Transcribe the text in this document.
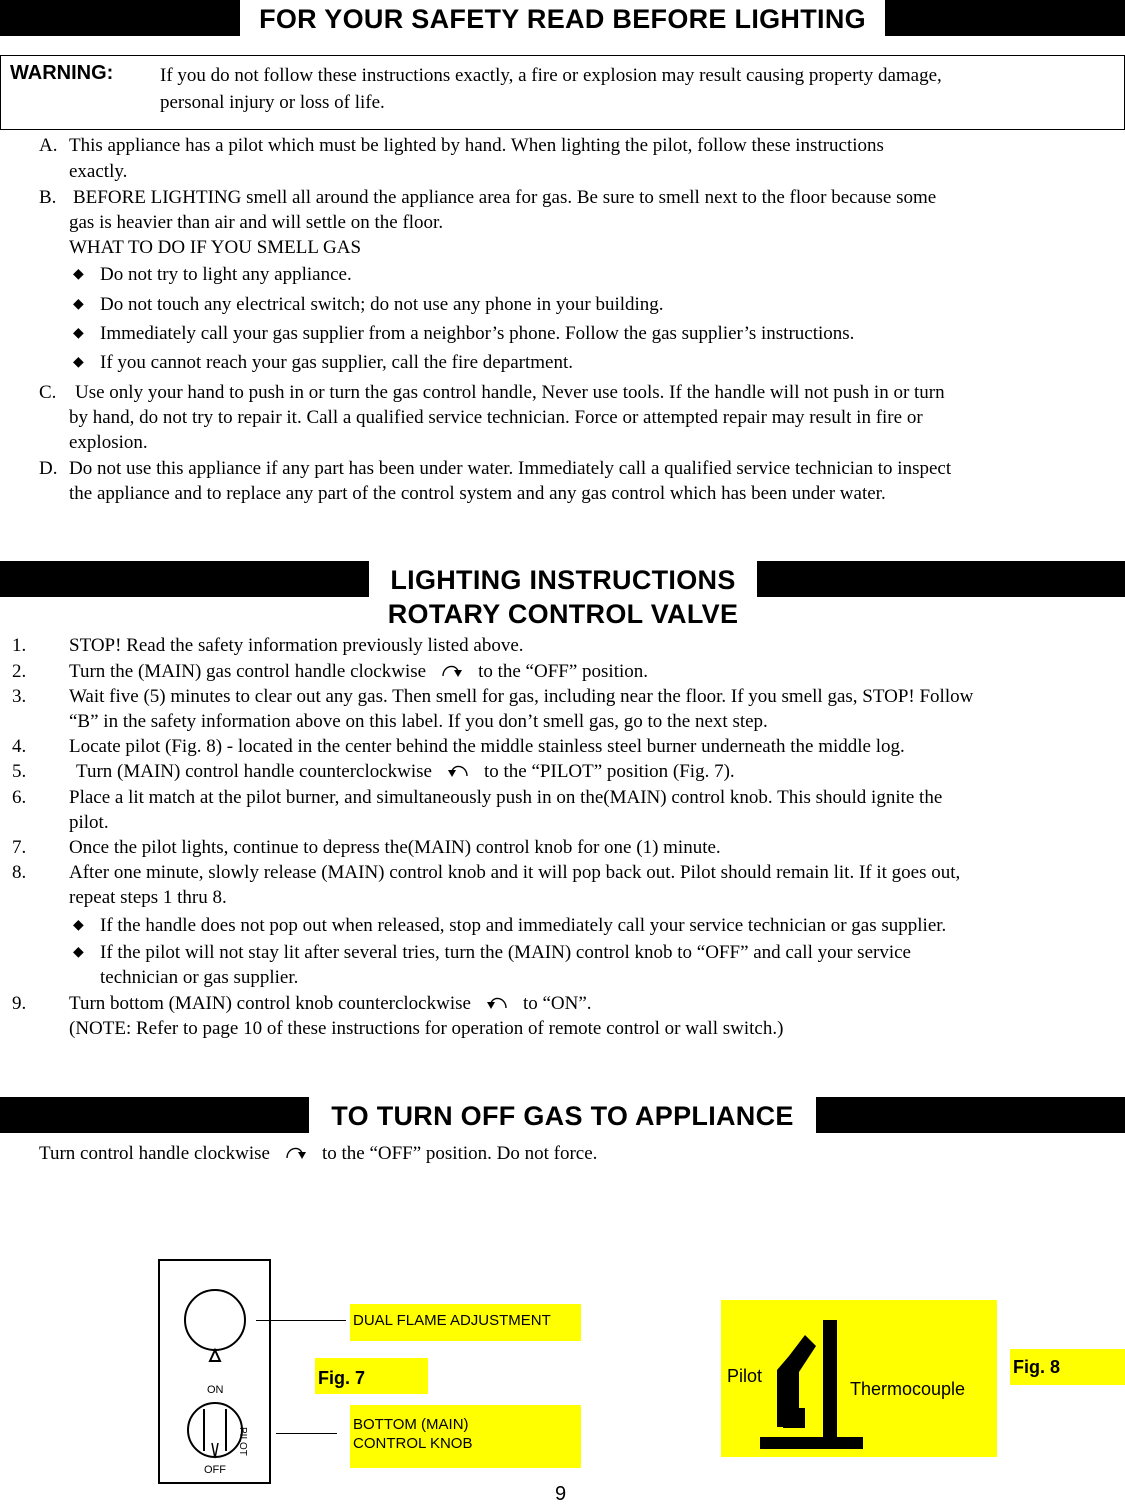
FOR YOUR SAFETY READ BEFORE LIGHTING
WARNING: If you do not follow these instructions exactly, a fire or explosion may result causing property damage,
personal injury or loss of life.
A. This appliance has a pilot which must be lighted by hand. When lighting the pilot, follow these instructions
exactly.
B. BEFORE LIGHTING smell all around the appliance area for gas. Be sure to smell next to the floor because some
gas is heavier than air and will settle on the floor.
WHAT TO DO IF YOU SMELL GAS
◆ Do not try to light any appliance.
◆ Do not touch any electrical switch; do not use any phone in your building.
◆ Immediately call your gas supplier from a neighbor’s phone. Follow the gas supplier’s instructions.
◆ If you cannot reach your gas supplier, call the fire department.
C. Use only your hand to push in or turn the gas control handle, Never use tools. If the handle will not push in or turn
by hand, do not try to repair it. Call a qualified service technician. Force or attempted repair may result in fire or
explosion.
D. Do not use this appliance if any part has been under water. Immediately call a qualified service technician to inspect
the appliance and to replace any part of the control system and any gas control which has been under water.
LIGHTING INSTRUCTIONS
ROTARY CONTROL VALVE
1. STOP! Read the safety information previously listed above.
2. Turn the (MAIN) gas control handle clockwise	to the “OFF” position.
3. Wait five (5) minutes to clear out any gas. Then smell for gas, including near the floor. If you smell gas, STOP! Follow
“B” in the safety information above on this label. If you don’t smell gas, go to the next step.
4. Locate pilot (Fig. 8) - located in the center behind the middle stainless steel burner underneath the middle log.
5.	Turn (MAIN) control handle counterclockwise	to the “PILOT” position (Fig. 7).
6. Place a lit match at the pilot burner, and simultaneously push in on the(MAIN) control knob. This should ignite the
pilot.
7. Once the pilot lights, continue to depress the(MAIN) control knob for one (1) minute.
8. After one minute, slowly release (MAIN) control knob and it will pop back out. Pilot should remain lit. If it goes out,
repeat steps 1 thru 8.
◆ If the handle does not pop out when released, stop and immediately call your service technician or gas supplier.
◆ If the pilot will not stay lit after several tries, turn the (MAIN) control knob to “OFF” and call your service
technician or gas supplier.
9. Turn bottom (MAIN) control knob counterclockwise	to “ON”.
(NOTE: Refer to page 10 of these instructions for operation of remote control or wall switch.)
TO TURN OFF GAS TO APPLIANCE
Turn control handle clockwise	to the “OFF” position. Do not force.
ON
OFF
PILOT
DUAL FLAME ADJUSTMENT
Fig. 7
BOTTOM (MAIN)
CONTROL KNOB
Pilot
Thermocouple
Fig. 8
9
